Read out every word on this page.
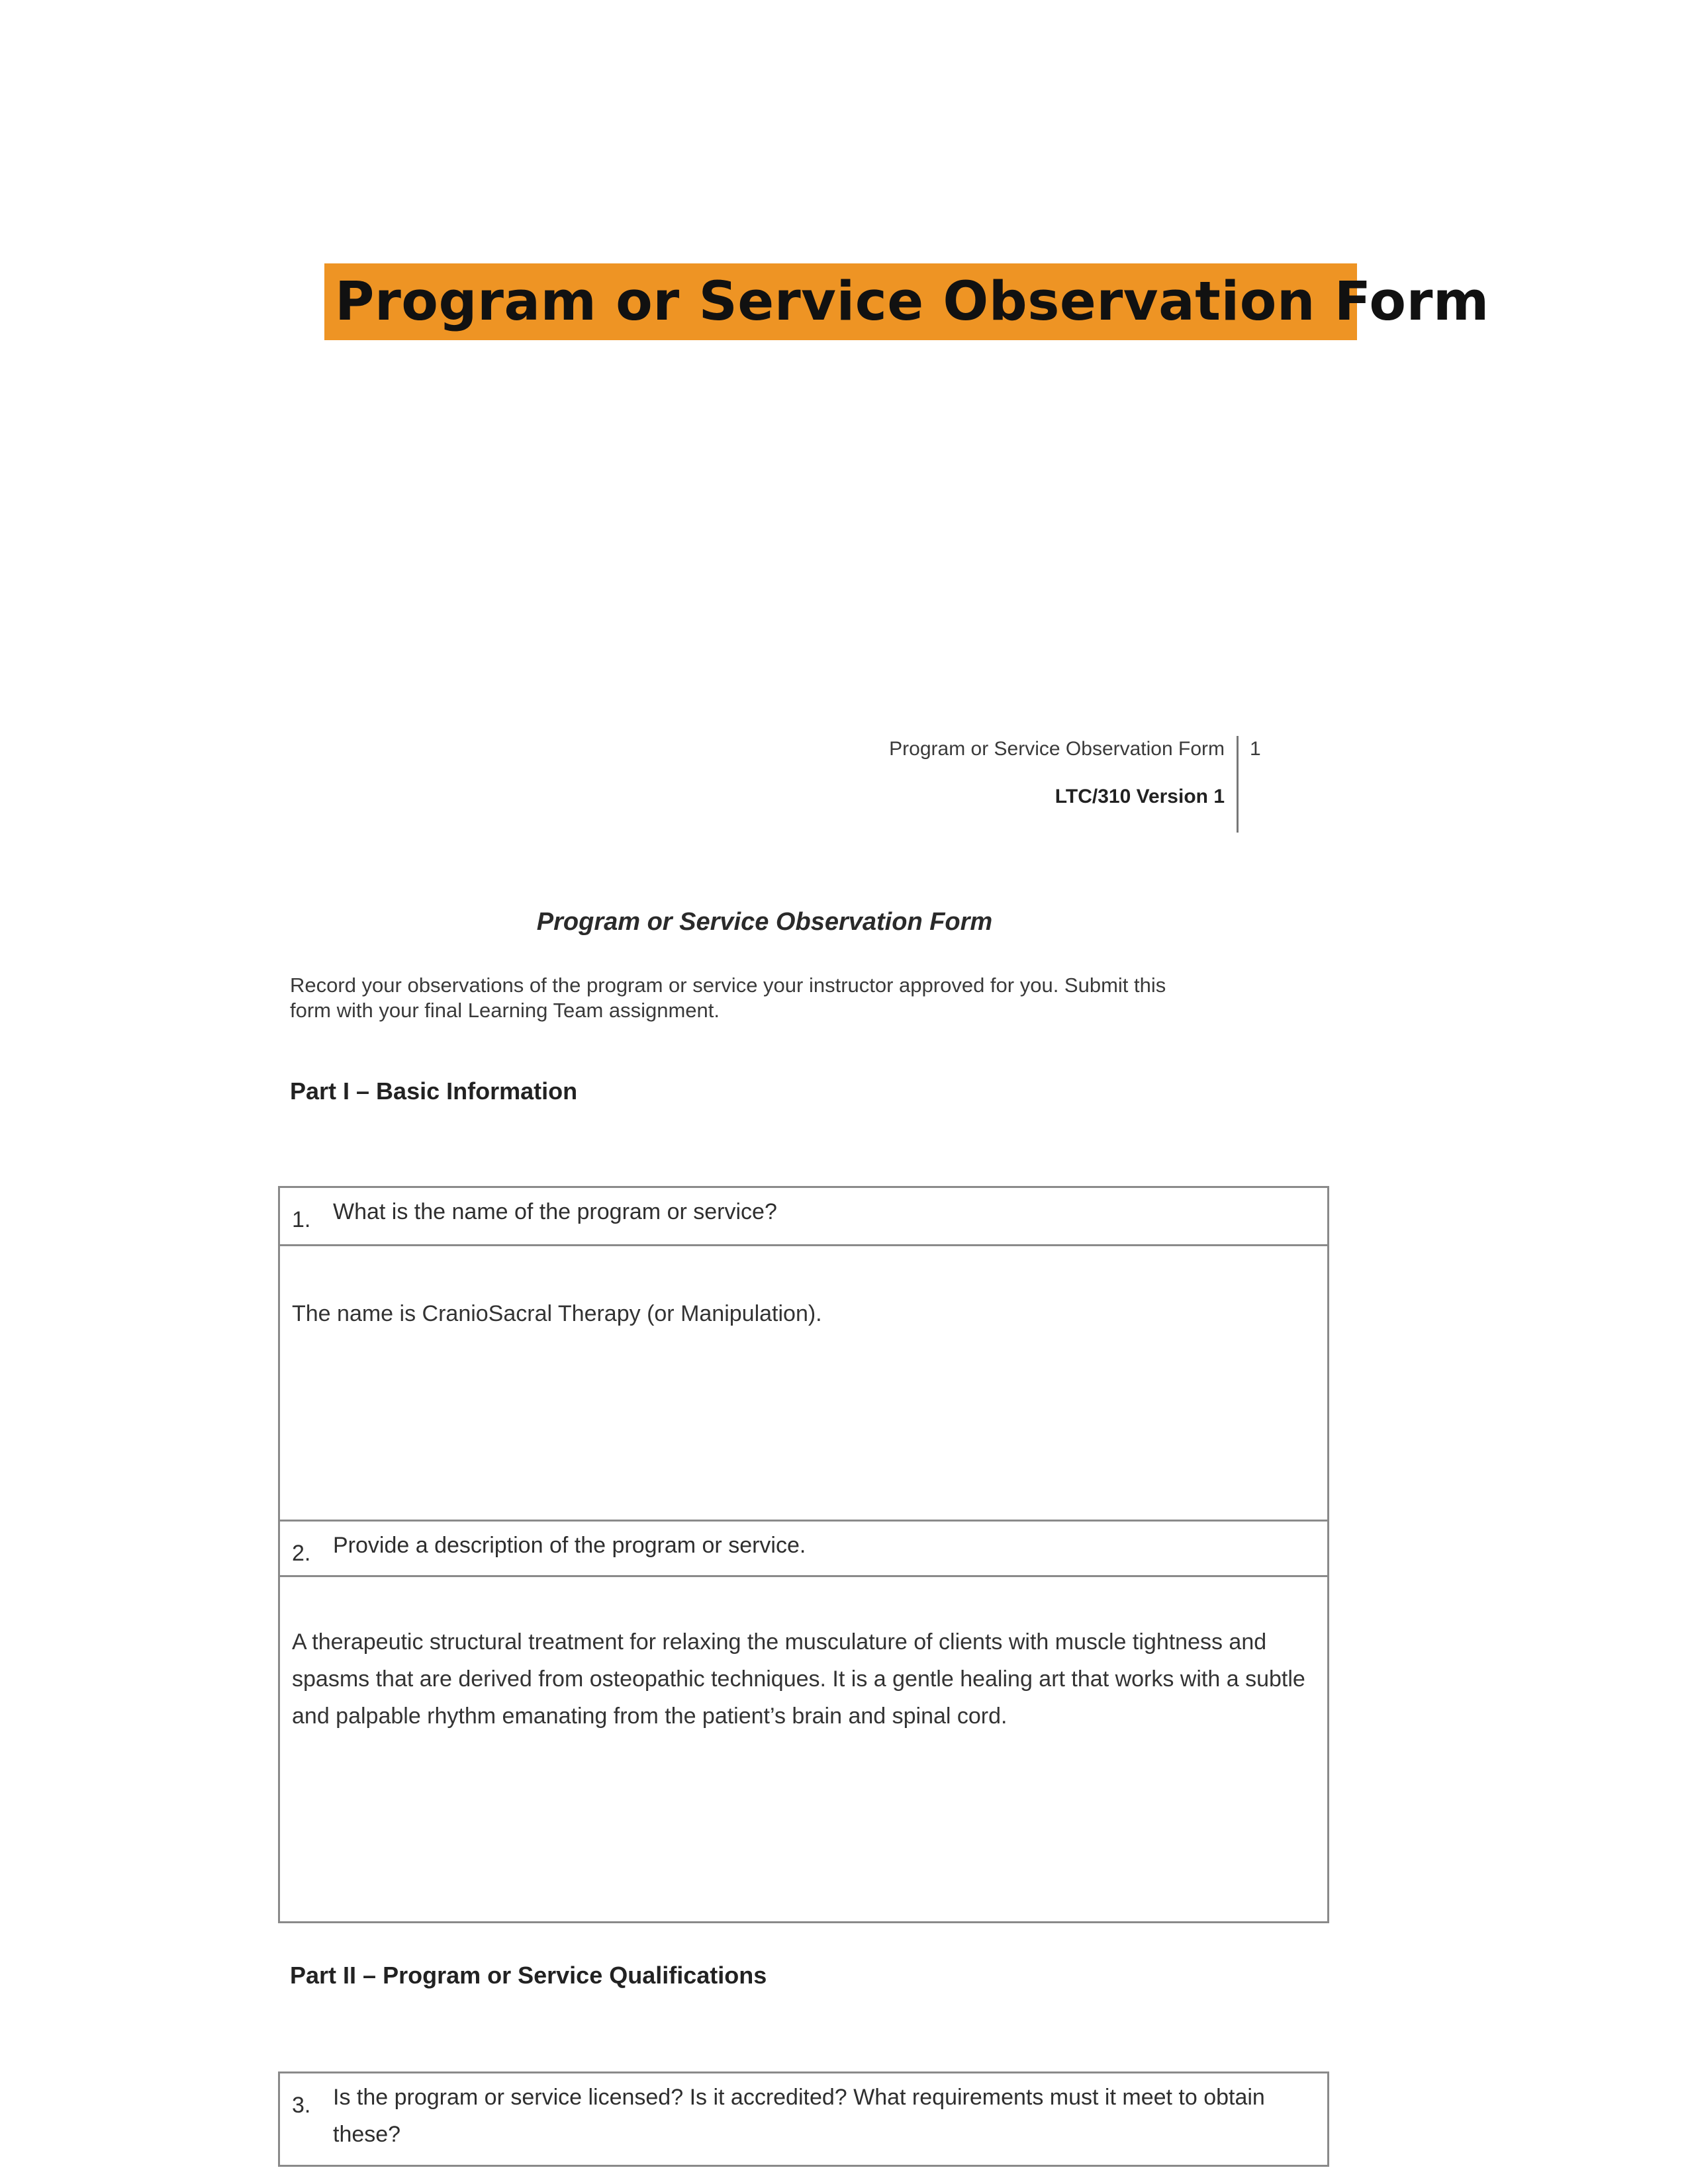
Program or Service Observation Form
Program or Service Observation Form
LTC/310 Version 1
1
Program or Service Observation Form
Record your observations of the program or service your instructor approved for you. Submit this
form with your final Learning Team assignment.
Part I – Basic Information
1. What is the name of the program or service?
The name is CranioSacral Therapy (or Manipulation).
2. Provide a description of the program or service.
A therapeutic structural treatment for relaxing the musculature of clients with muscle tightness and spasms that are derived from osteopathic techniques. It is a gentle healing art that works with a subtle and palpable rhythm emanating from the patient’s brain and spinal cord.
Part II – Program or Service Qualifications
3. Is the program or service licensed? Is it accredited? What requirements must it meet to obtain these?
